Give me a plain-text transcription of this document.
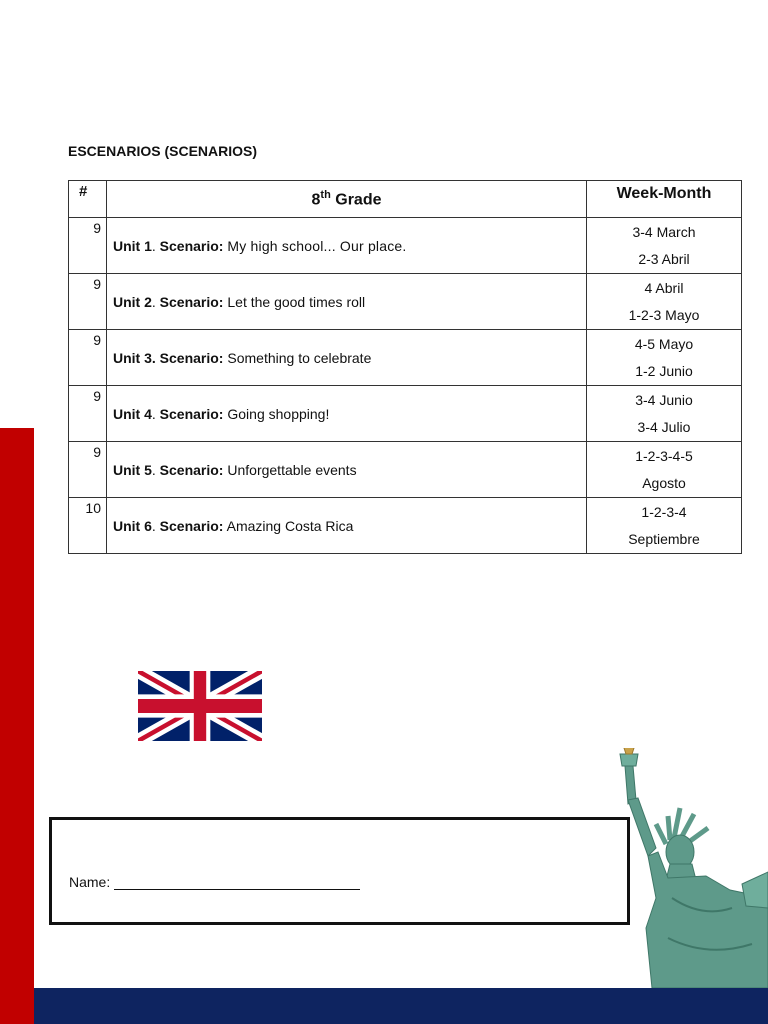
ESCENARIOS (SCENARIOS)
#	8th Grade	Week-Month
9	Unit 1. Scenario: My high school... Our place.	3-4 March
2-3 Abril

9	Unit 2. Scenario: Let the good times roll	4 Abril
1-2-3 Mayo

9	Unit 3. Scenario: Something to celebrate	4-5 Mayo
1-2 Junio

9	Unit 4. Scenario: Going shopping!	3-4 Junio
3-4 Julio

9	Unit 5. Scenario: Unforgettable events	1-2-3-4-5
Agosto

10	Unit 6. Scenario: Amazing Costa Rica	1-2-3-4
Septiembre
Name:
